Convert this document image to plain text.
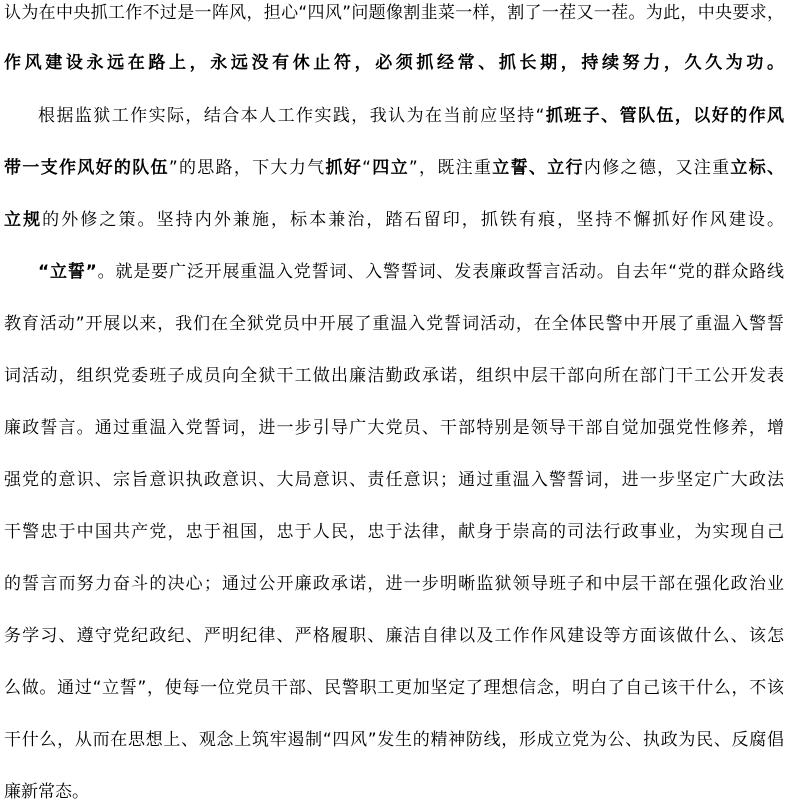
认为在中央抓工作不过是一阵风，担心“四风”问题像割韭菜一样，割了一茬又一茬。为此，中央要求，
作风建设永远在路上，永远没有休止符，必须抓经常、抓长期，持续努力，久久为功。
根据监狱工作实际，结合本人工作实践，我认为在当前应坚持“抓班子、管队伍，以好的作风
带一支作风好的队伍”的思路，下大力气抓好“四立”，既注重立誓、立行内修之德，又注重立标、
立规的外修之策。坚持内外兼施，标本兼治，踏石留印，抓铁有痕，坚持不懈抓好作风建设。
“立誓”。就是要广泛开展重温入党誓词、入警誓词、发表廉政誓言活动。自去年“党的群众路线
教育活动”开展以来，我们在全狱党员中开展了重温入党誓词活动，在全体民警中开展了重温入警誓
词活动，组织党委班子成员向全狱干工做出廉洁勤政承诺，组织中层干部向所在部门干工公开发表
廉政誓言。通过重温入党誓词，进一步引导广大党员、干部特别是领导干部自觉加强党性修养，增
强党的意识、宗旨意识执政意识、大局意识、责任意识；通过重温入警誓词，进一步坚定广大政法
干警忠于中国共产党，忠于祖国，忠于人民，忠于法律，献身于崇高的司法行政事业，为实现自己
的誓言而努力奋斗的决心；通过公开廉政承诺，进一步明晰监狱领导班子和中层干部在强化政治业
务学习、遵守党纪政纪、严明纪律、严格履职、廉洁自律以及工作作风建设等方面该做什么、该怎
么做。通过“立誓”，使每一位党员干部、民警职工更加坚定了理想信念，明白了自己该干什么，不该
干什么，从而在思想上、观念上筑牢遏制“四风”发生的精神防线，形成立党为公、执政为民、反腐倡
廉新常态。
